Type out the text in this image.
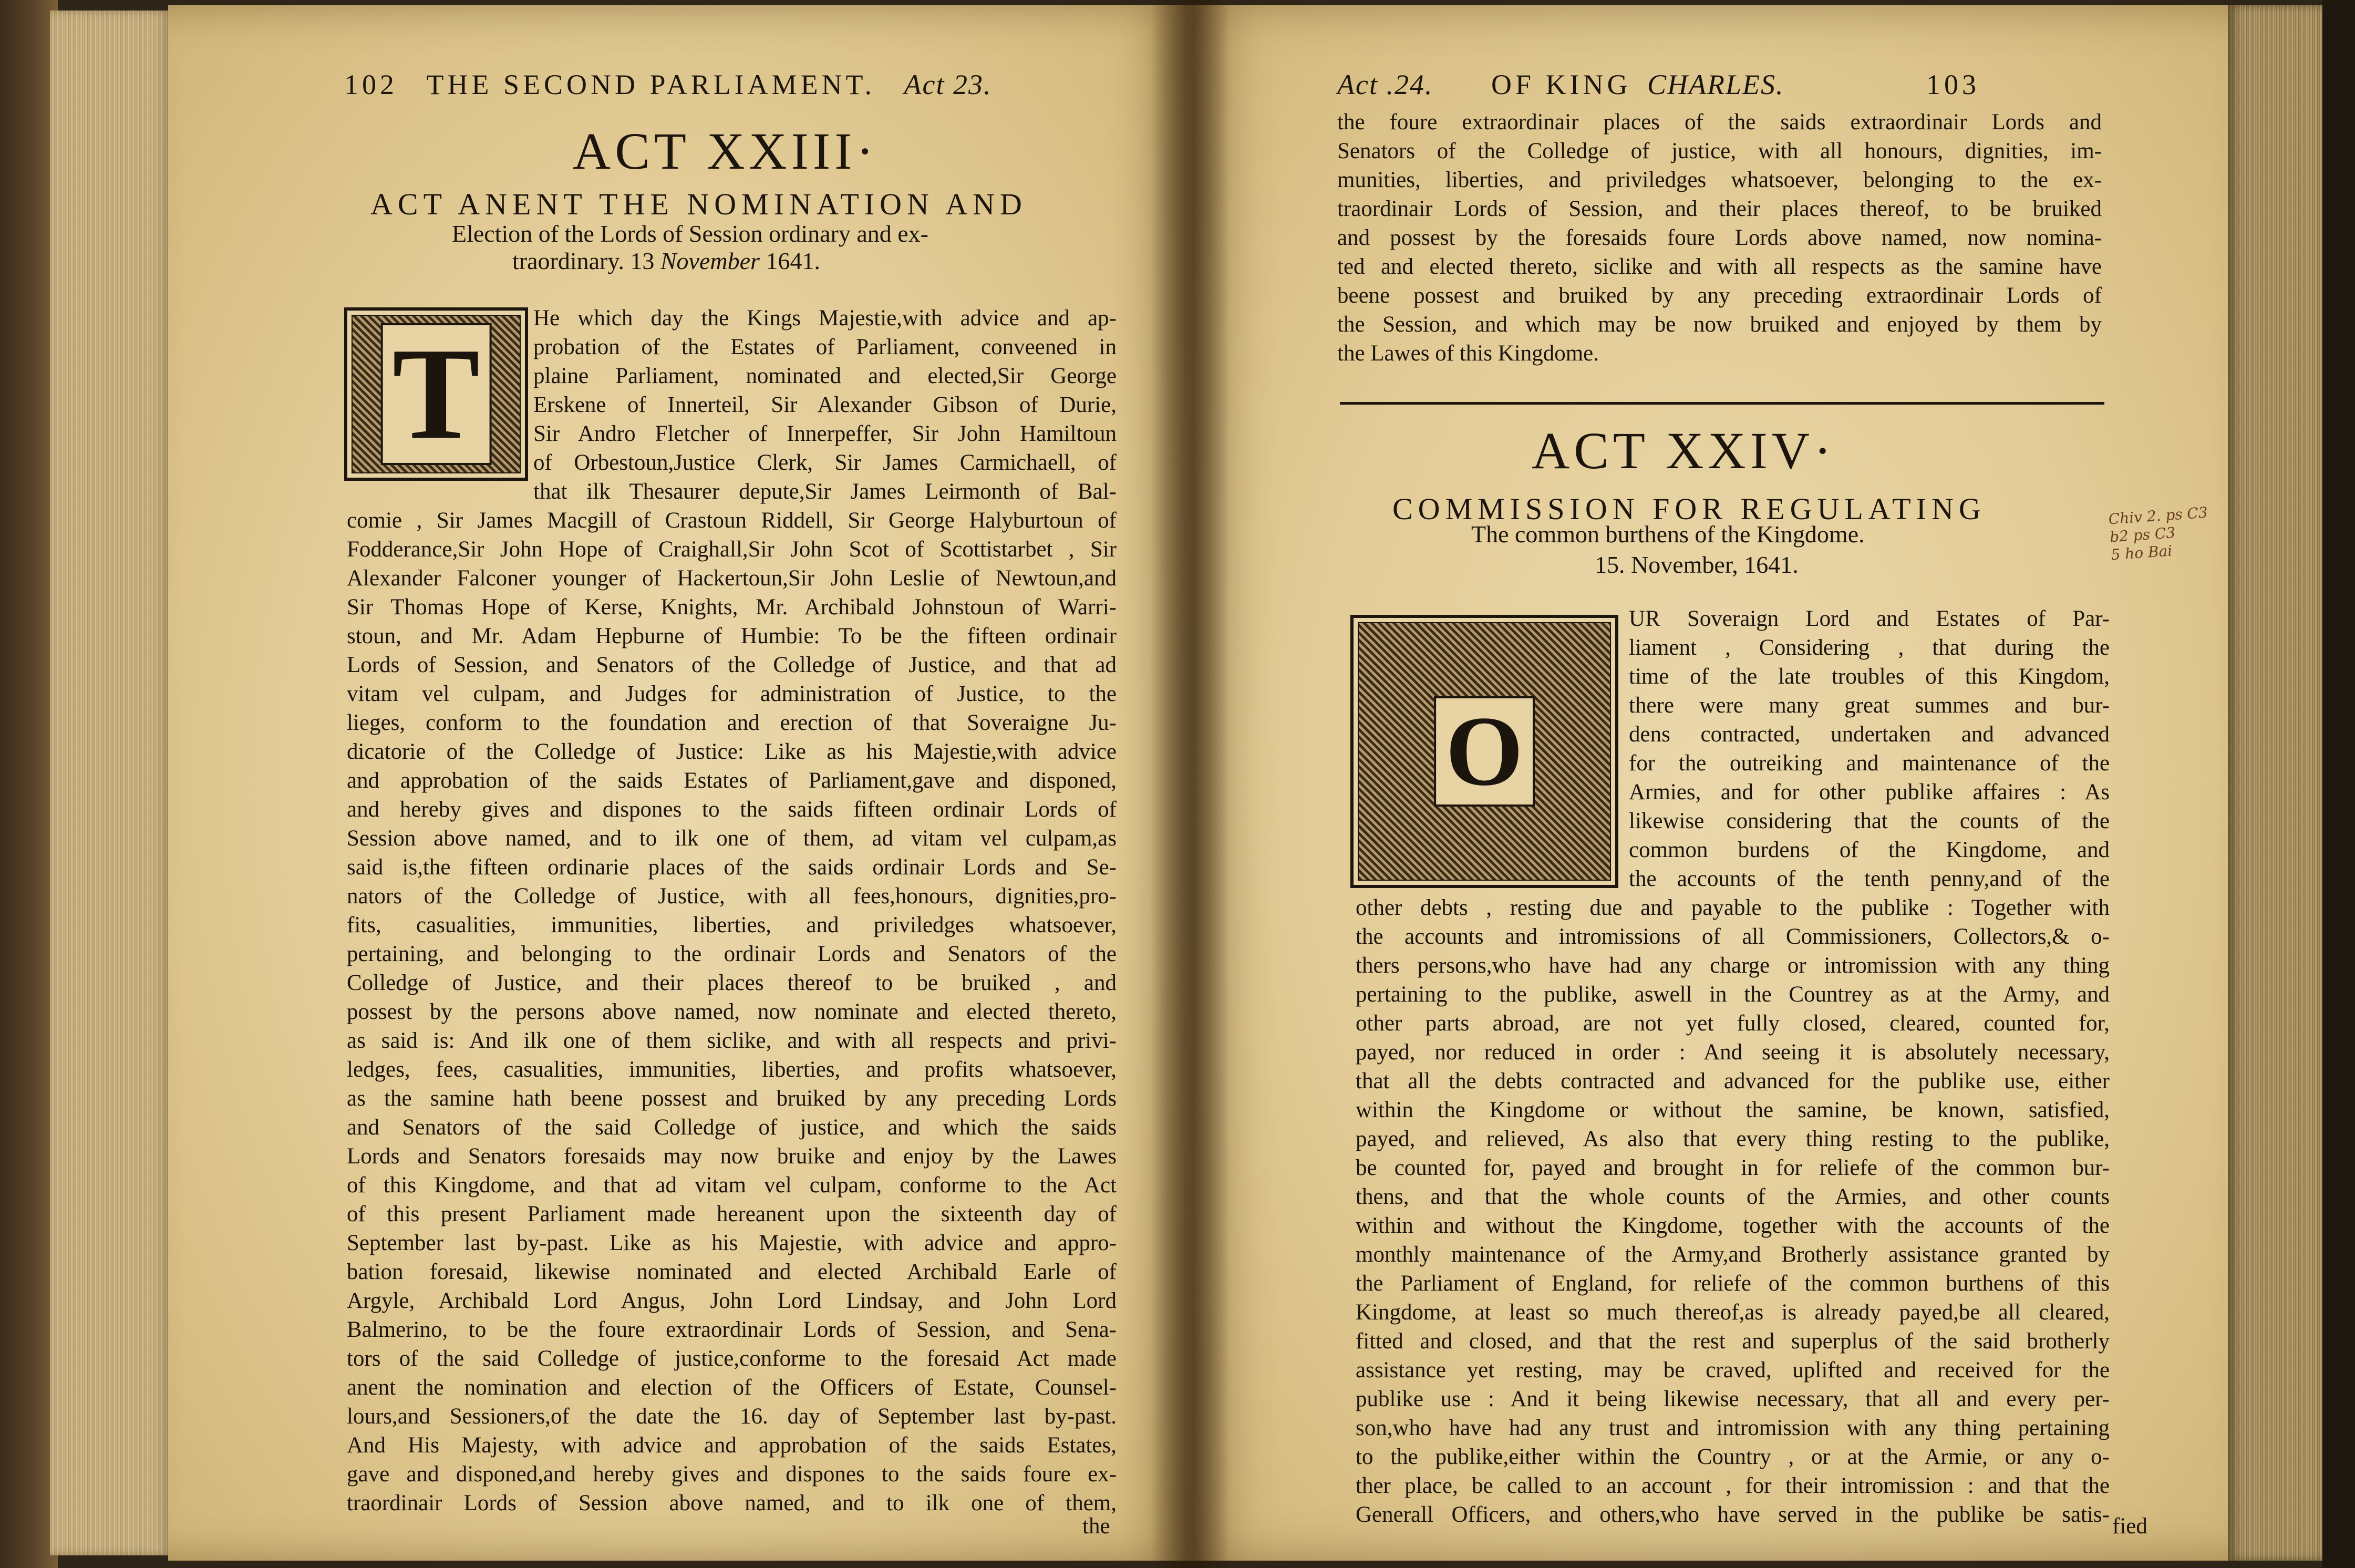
102 THE SECOND PARLIAMENT. Act 23.
ACT XXIII·
ACT ANENT THE NOMINATION AND
Election of the Lords of Session ordinary and ex-
traordinary. 13 November 1641.
T
He which day the Kings Majestie,with advice and ap-
probation of the Estates of Parliament, conveened in
plaine Parliament, nominated and elected,Sir George
Erskene of Innerteil, Sir Alexander Gibson of Durie,
Sir Andro Fletcher of Innerpeffer, Sir John Hamiltoun
of Orbestoun,Justice Clerk, Sir James Carmichaell, of
that ilk Thesaurer depute,Sir James Leirmonth of Bal-
comie , Sir James Macgill of Crastoun Riddell, Sir George Halyburtoun of
Fodderance,Sir John Hope of Craighall,Sir John Scot of Scottistarbet , Sir
Alexander Falconer younger of Hackertoun,Sir John Leslie of Newtoun,and
Sir Thomas Hope of Kerse, Knights, Mr. Archibald Johnstoun of Warri-
stoun, and Mr. Adam Hepburne of Humbie: To be the fifteen ordinair
Lords of Session, and Senators of the Colledge of Justice, and that ad
vitam vel culpam, and Judges for administration of Justice, to the
lieges, conform to the foundation and erection of that Soveraigne Ju-
dicatorie of the Colledge of Justice: Like as his Majestie,with advice
and approbation of the saids Estates of Parliament,gave and disponed,
and hereby gives and dispones to the saids fifteen ordinair Lords of
Session above named, and to ilk one of them, ad vitam vel culpam,as
said is,the fifteen ordinarie places of the saids ordinair Lords and Se-
nators of the Colledge of Justice, with all fees,honours, dignities,pro-
fits, casualities, immunities, liberties, and priviledges whatsoever,
pertaining, and belonging to the ordinair Lords and Senators of the
Colledge of Justice, and their places thereof to be bruiked , and
possest by the persons above named, now nominate and elected thereto,
as said is: And ilk one of them siclike, and with all respects and privi-
ledges, fees, casualities, immunities, liberties, and profits whatsoever,
as the samine hath beene possest and bruiked by any preceding Lords
and Senators of the said Colledge of justice, and which the saids
Lords and Senators foresaids may now bruike and enjoy by the Lawes
of this Kingdome, and that ad vitam vel culpam, conforme to the Act
of this present Parliament made hereanent upon the sixteenth day of
September last by-past. Like as his Majestie, with advice and appro-
bation foresaid, likewise nominated and elected Archibald Earle of
Argyle, Archibald Lord Angus, John Lord Lindsay, and John Lord
Balmerino, to be the foure extraordinair Lords of Session, and Sena-
tors of the said Colledge of justice,conforme to the foresaid Act made
anent the nomination and election of the Officers of Estate, Counsel-
lours,and Sessioners,of the date the 16. day of September last by-past.
And His Majesty, with advice and approbation of the saids Estates,
gave and disponed,and hereby gives and dispones to the saids foure ex-
traordinair Lords of Session above named, and to ilk one of them,
the
Act .24. OF KING CHARLES.	103
the foure extraordinair places of the saids extraordinair Lords and
Senators of the Colledge of justice, with all honours, dignities, im-
munities, liberties, and priviledges whatsoever, belonging to the ex-
traordinair Lords of Session, and their places thereof, to be bruiked
and possest by the foresaids foure Lords above named, now nomina-
ted and elected thereto, siclike and with all respects as the samine have
beene possest and bruiked by any preceding extraordinair Lords of
the Session, and which may be now bruiked and enjoyed by them by
the Lawes of this Kingdome.
ACT XXIV·
COMMISSION FOR REGULATING
The common burthens of the Kingdome.
15. November, 1641.
Chiv 2. ps C3
b2 ps C3
5 ho Bai
O
UR Soveraign Lord and Estates of Par-
liament , Considering , that during the
time of the late troubles of this Kingdom,
there were many great summes and bur-
dens contracted, undertaken and advanced
for the outreiking and maintenance of the
Armies, and for other publike affaires : As
likewise considering that the counts of the
common burdens of the Kingdome, and
the accounts of the tenth penny,and of the
other debts , resting due and payable to the publike : Together with
the accounts and intromissions of all Commissioners, Collectors,& o-
thers persons,who have had any charge or intromission with any thing
pertaining to the publike, aswell in the Countrey as at the Army, and
other parts abroad, are not yet fully closed, cleared, counted for,
payed, nor reduced in order : And seeing it is absolutely necessary,
that all the debts contracted and advanced for the publike use, either
within the Kingdome or without the samine, be known, satisfied,
payed, and relieved, As also that every thing resting to the publike,
be counted for, payed and brought in for reliefe of the common bur-
thens, and that the whole counts of the Armies, and other counts
within and without the Kingdome, together with the accounts of the
monthly maintenance of the Army,and Brotherly assistance granted by
the Parliament of England, for reliefe of the common burthens of this
Kingdome, at least so much thereof,as is already payed,be all cleared,
fitted and closed, and that the rest and superplus of the said brotherly
assistance yet resting, may be craved, uplifted and received for the
publike use : And it being likewise necessary, that all and every per-
son,who have had any trust and intromission with any thing pertaining
to the publike,either within the Country , or at the Armie, or any o-
ther place, be called to an account , for their intromission : and that the
Generall Officers, and others,who have served in the publike be satis- fied
